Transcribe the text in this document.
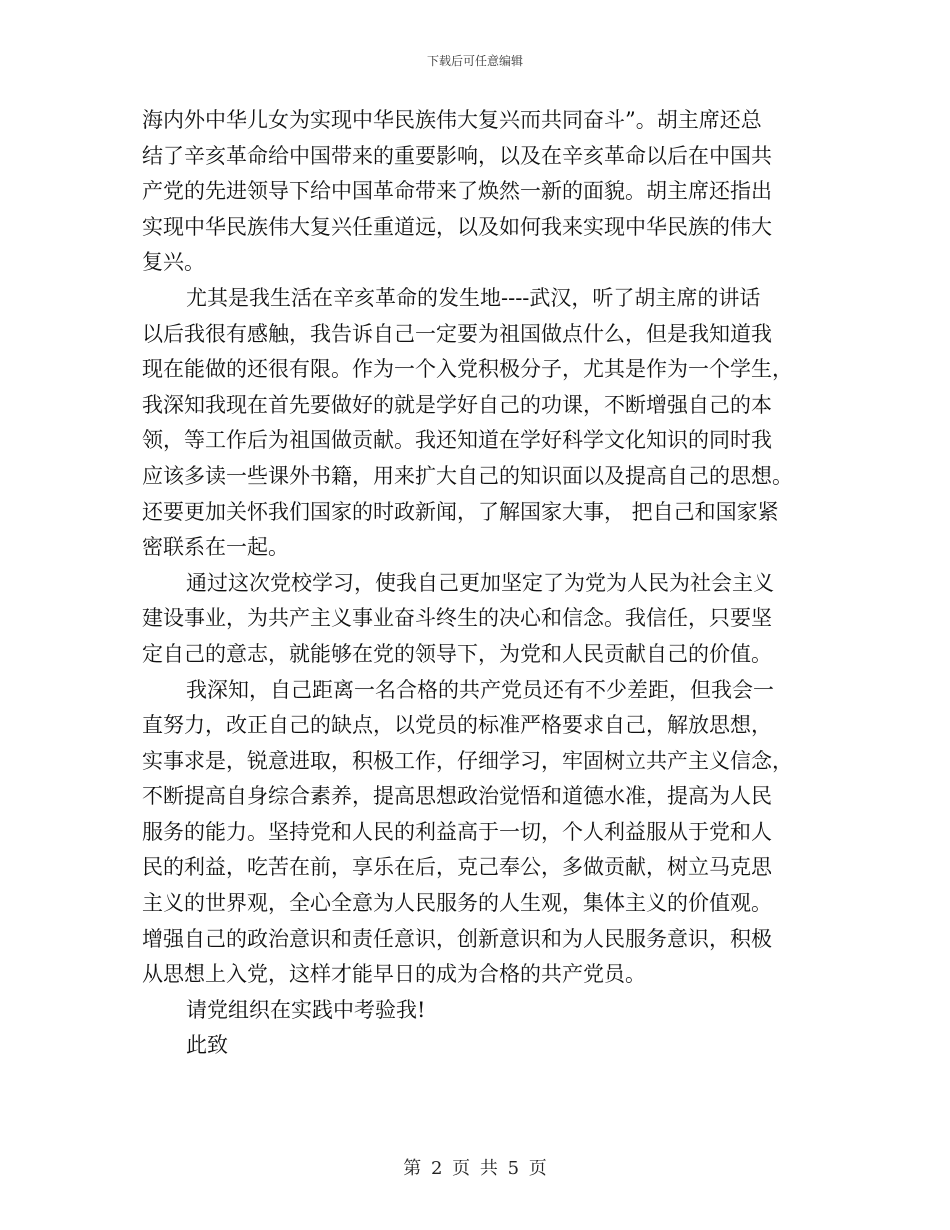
下载后可任意编辑
海内外中华儿女为实现中华民族伟大复兴而共同奋斗”。胡主席还总
结了辛亥革命给中国带来的重要影响，以及在辛亥革命以后在中国共
产党的先进领导下给中国革命带来了焕然一新的面貌。胡主席还指出
实现中华民族伟大复兴任重道远，以及如何我来实现中华民族的伟大
复兴。
尤其是我生活在辛亥革命的发生地----武汉，听了胡主席的讲话
以后我很有感触，我告诉自己一定要为祖国做点什么，但是我知道我
现在能做的还很有限。作为一个入党积极分子，尤其是作为一个学生，
我深知我现在首先要做好的就是学好自己的功课，不断增强自己的本
领，等工作后为祖国做贡献。我还知道在学好科学文化知识的同时我
应该多读一些课外书籍，用来扩大自己的知识面以及提高自己的思想。
还要更加关怀我们国家的时政新闻，了解国家大事， 把自己和国家紧
密联系在一起。
通过这次党校学习，使我自己更加坚定了为党为人民为社会主义
建设事业，为共产主义事业奋斗终生的决心和信念。我信任，只要坚
定自己的意志，就能够在党的领导下，为党和人民贡献自己的价值。
我深知，自己距离一名合格的共产党员还有不少差距，但我会一
直努力，改正自己的缺点，以党员的标准严格要求自己，解放思想，
实事求是，锐意进取，积极工作，仔细学习，牢固树立共产主义信念，
不断提高自身综合素养，提高思想政治觉悟和道德水准，提高为人民
服务的能力。坚持党和人民的利益高于一切，个人利益服从于党和人
民的利益，吃苦在前，享乐在后，克己奉公，多做贡献，树立马克思
主义的世界观，全心全意为人民服务的人生观，集体主义的价值观。
增强自己的政治意识和责任意识，创新意识和为人民服务意识，积极
从思想上入党，这样才能早日的成为合格的共产党员。
请党组织在实践中考验我!
此致
第 2 页 共 5 页
